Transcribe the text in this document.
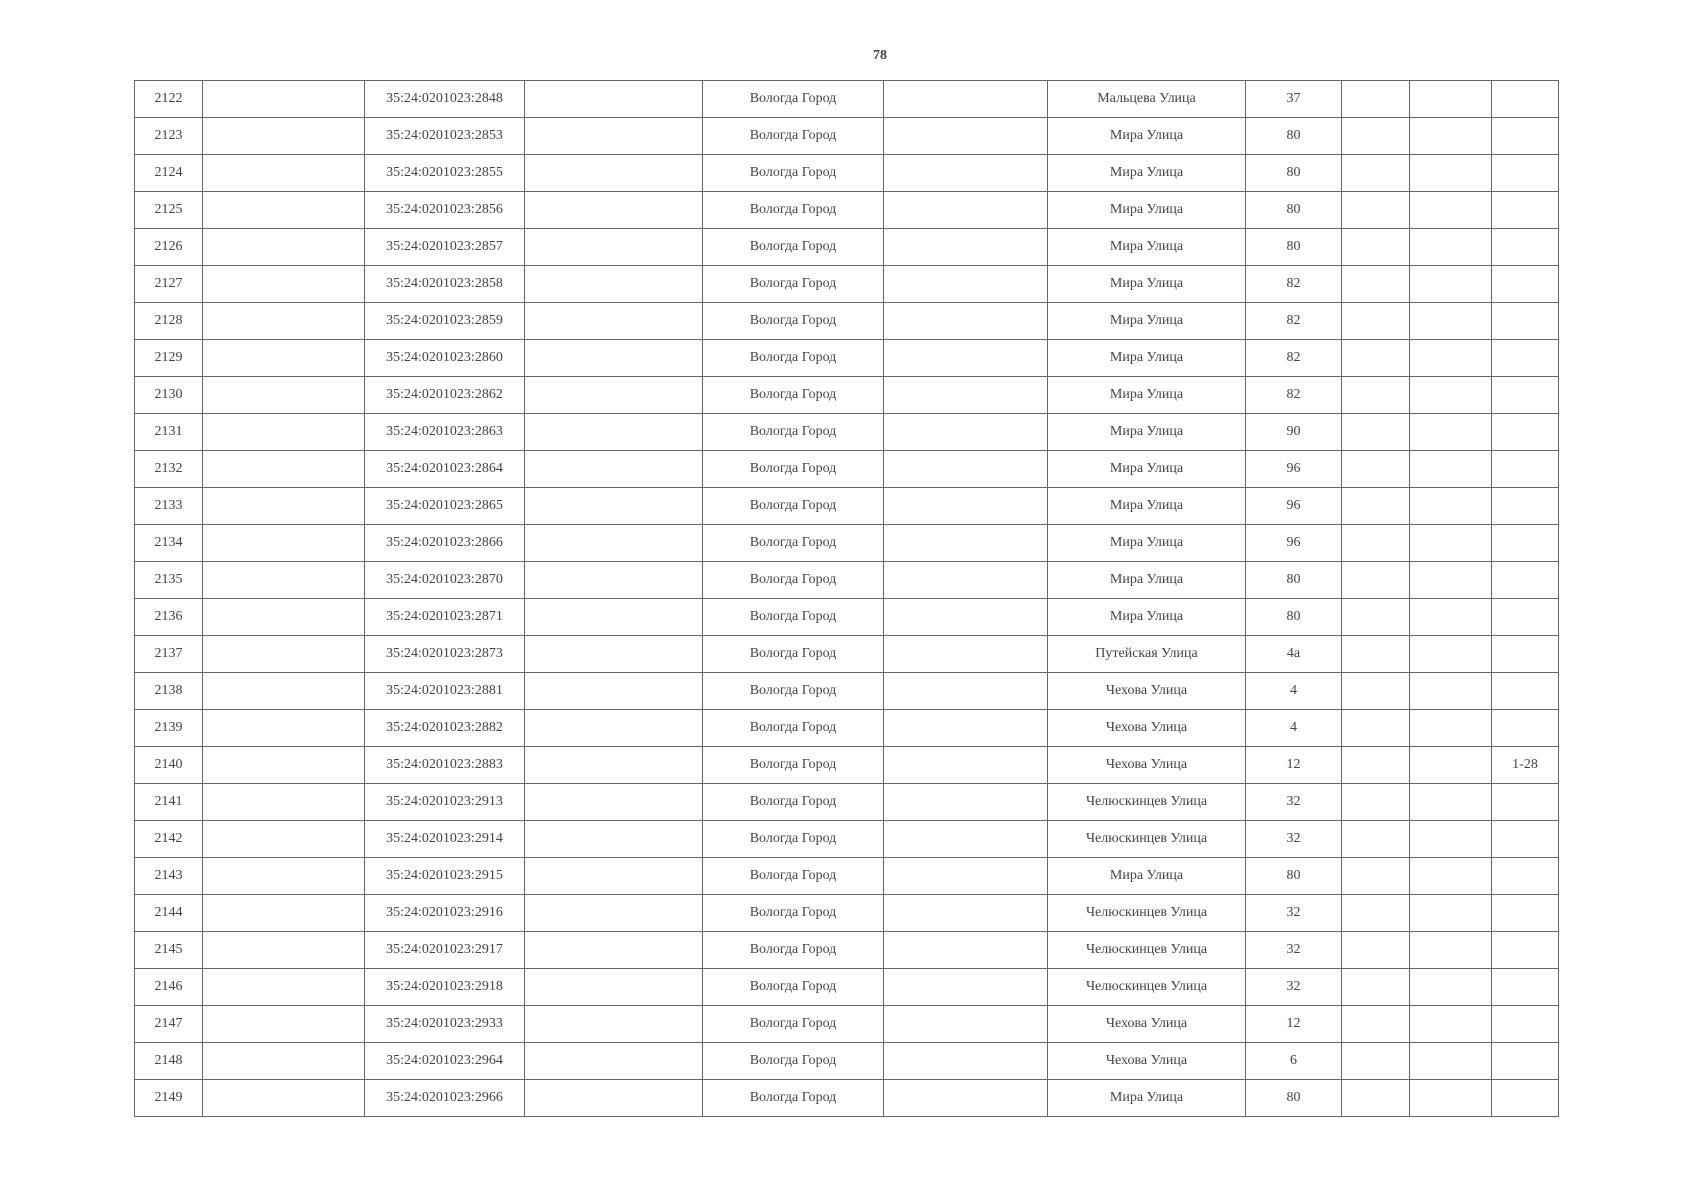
78
2122		35:24:0201023:2848		Вологда Город		Мальцева Улица	37			
2123		35:24:0201023:2853		Вологда Город		Мира Улица	80			
2124		35:24:0201023:2855		Вологда Город		Мира Улица	80			
2125		35:24:0201023:2856		Вологда Город		Мира Улица	80			
2126		35:24:0201023:2857		Вологда Город		Мира Улица	80			
2127		35:24:0201023:2858		Вологда Город		Мира Улица	82			
2128		35:24:0201023:2859		Вологда Город		Мира Улица	82			
2129		35:24:0201023:2860		Вологда Город		Мира Улица	82			
2130		35:24:0201023:2862		Вологда Город		Мира Улица	82			
2131		35:24:0201023:2863		Вологда Город		Мира Улица	90			
2132		35:24:0201023:2864		Вологда Город		Мира Улица	96			
2133		35:24:0201023:2865		Вологда Город		Мира Улица	96			
2134		35:24:0201023:2866		Вологда Город		Мира Улица	96			
2135		35:24:0201023:2870		Вологда Город		Мира Улица	80			
2136		35:24:0201023:2871		Вологда Город		Мира Улица	80			
2137		35:24:0201023:2873		Вологда Город		Путейская Улица	4а			
2138		35:24:0201023:2881		Вологда Город		Чехова Улица	4			
2139		35:24:0201023:2882		Вологда Город		Чехова Улица	4			
2140		35:24:0201023:2883		Вологда Город		Чехова Улица	12			1-28
2141		35:24:0201023:2913		Вологда Город		Челюскинцев Улица	32			
2142		35:24:0201023:2914		Вологда Город		Челюскинцев Улица	32			
2143		35:24:0201023:2915		Вологда Город		Мира Улица	80			
2144		35:24:0201023:2916		Вологда Город		Челюскинцев Улица	32			
2145		35:24:0201023:2917		Вологда Город		Челюскинцев Улица	32			
2146		35:24:0201023:2918		Вологда Город		Челюскинцев Улица	32			
2147		35:24:0201023:2933		Вологда Город		Чехова Улица	12			
2148		35:24:0201023:2964		Вологда Город		Чехова Улица	6			
2149		35:24:0201023:2966		Вологда Город		Мира Улица	80			
